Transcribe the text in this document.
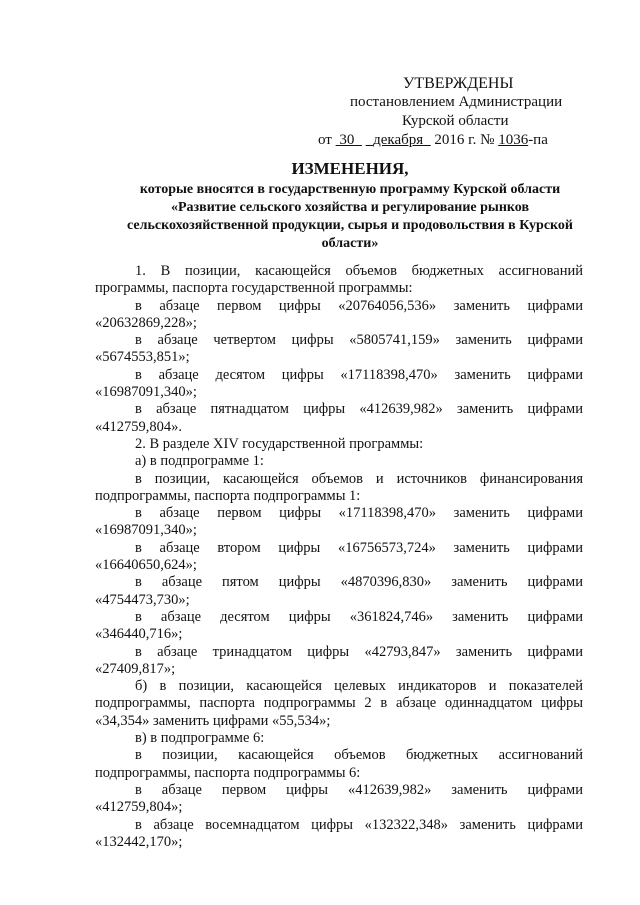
УТВЕРЖДЕНЫ
постановлением Администрации
Курской области
от 30 декабря 2016 г. № 1036-па
ИЗМЕНЕНИЯ,
которые вносятся в государственную программу Курской области
«Развитие сельского хозяйства и регулирование рынков
сельскохозяйственной продукции, сырья и продовольствия в Курской
области»

1. В позиции, касающейся объемов бюджетных ассигнований

программы, паспорта государственной программы:

в абзаце первом цифры «20764056,536» заменить цифрами

«20632869,228»;

в абзаце четвертом цифры «5805741,159» заменить цифрами

«5674553,851»;

в абзаце десятом цифры «17118398,470» заменить цифрами

«16987091,340»;

в абзаце пятнадцатом цифры «412639,982» заменить цифрами

«412759,804».

2. В разделе XIV государственной программы:

а) в подпрограмме 1:

в позиции, касающейся объемов и источников финансирования

подпрограммы, паспорта подпрограммы 1:

в абзаце первом цифры «17118398,470» заменить цифрами

«16987091,340»;

в абзаце втором цифры «16756573,724» заменить цифрами

«16640650,624»;

в абзаце пятом цифры «4870396,830» заменить цифрами

«4754473,730»;

в абзаце десятом цифры «361824,746» заменить цифрами

«346440,716»;

в абзаце тринадцатом цифры «42793,847» заменить цифрами

«27409,817»;

б) в позиции, касающейся целевых индикаторов и показателей

подпрограммы, паспорта подпрограммы 2 в абзаце одиннадцатом цифры

«34,354» заменить цифрами «55,534»;

в) в подпрограмме 6:

в позиции, касающейся объемов бюджетных ассигнований

подпрограммы, паспорта подпрограммы 6:

в абзаце первом цифры «412639,982» заменить цифрами

«412759,804»;

в абзаце восемнадцатом цифры «132322,348» заменить цифрами

«132442,170»;
